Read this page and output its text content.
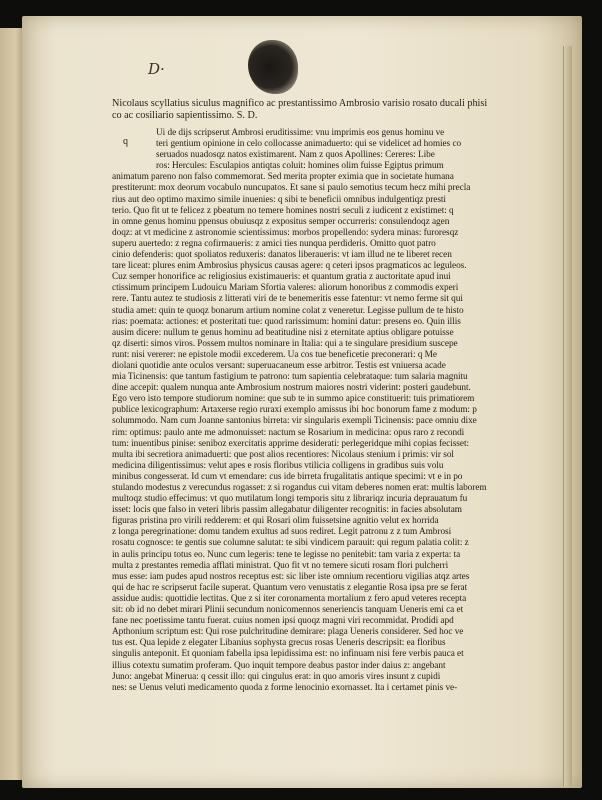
D·
Nicolaus scyllatius siculus magnifico ac prestantissimo Ambrosio varisio rosato ducali phisi
co ac cosiliario sapientissimo. S. D.
q
Ui de dijs scripserut Ambrosi eruditissime: vnu imprimis eos genus hominu ve
teri gentium opinione in celo collocasse animaduerto: qui se videlicet ad homies co
seruados nuadosqz natos existimarent. Nam z quos Apollines: Cereres: Libe
ros: Hercules: Esculapios antiqtas coluit: homines olim fuisse Egiptus primum
animatum pareno non falso commemorat. Sed merita propter eximia que in societate humana
prestiterunt: mox deorum vocabulo nuncupatos. Et sane si paulo semotius tecum hecz mihi precla
rius aut deo optimo maximo simile inuenies: q sibi te beneficii omnibus indulgentiqz presti
terio. Quo fit ut te felicez z pbeatum no temere homines nostri seculi z iudicent z existimet: q
in omne genus hominu ppensus obuiusqz z expositus semper occurreris: consulendoqz agen
doqz: at vt medicine z astronomie scientissimus: morbos propellendo: sydera minas: furoresqz
superu auertedo: z regna cofirmaueris: z amici ties nunqua perdideris. Omitto quot patro
cinio defenderis: quot spoliatos reduxeris: danatos liberaueris: vt iam illud ne te liberet recen
tare liceat: plures enim Ambrosius physicus causas agere: q ceteri ipsos pragmaticos ac leguleos.
Cuz semper honorifice ac religiosius existimaueris: et quantum gratia z auctoritate apud inui
ctissimum principem Ludouicu Mariam Sfortia valeres: aliorum honoribus z commodis experi
rere. Tantu autez te studiosis z litterati viri de te benemeritis esse fatentur: vt nemo ferme sit qui
studia amet: quin te quoqz bonarum artium nomine colat z veneretur. Legisse pullum de te histo
rias: poemata: actiones: et posteritati tue: quod rarissimum: homini datur: presens eo. Quin illis
ausim dicere: nullum te genus hominu ad beatitudine nisi z eternitate aptius obligare potuisse
qz diserti: simos viros. Possem multos nominare in Italia: qui a te singulare presidium suscepe
runt: nisi vererer: ne epistole modii excederem. Ua cos tue beneficetie preconerari: q Me
diolani quotidie ante oculos versant: superuacaneum esse arbitror. Testis est vniuersa acade
mia Ticinensis: que tantum fastigium te patrono: tum sapientia celebrataque: tum salaria magnitu
dine accepit: qualem nunqua ante Ambrosium nostrum maiores nostri viderint: posteri gaudebunt.
Ego vero isto tempore studiorum nomine: que sub te in summo apice constituerit: tuis primatiorem
publice lexicographum: Artaxerse regio ruraxi exemplo amissus ibi hoc bonorum fame z modum: p
solummodo. Nam cum Joanne santonius birreta: vir singularis exempli Ticinensis: pace omniu dixe
rim: optimus: paulo ante me admonuisset: nactum se Rosarium in medicina: opus raro z recondi
tum: inuentibus pinise: seniboz exercitatis apprime desiderati: perlegeridque mihi copias fecisset:
multa ibi secretiora animaduerti: que post alios recentiores: Nicolaus stenium i primis: vir sol
medicina diligentissimus: velut apes e rosis floribus vtilicia colligens in gradibus suis volu
minibus congesserat. Id cum vt emendare: cus ide birreta frugalitatis antique specimi: vt e in po
stulando modestus z verecundus rogasset: z si rogandus cui vitam deberes nomen erat: multis laborem
multoqz studio effecimus: vt quo mutilatum longi temporis situ z librariqz incuria deprauatum fu
isset: locis que falso in veteri libris passim allegabatur diligenter recognitis: in facies absolutam
figuras pristina pro virili redderem: et qui Rosari olim fuissetsine agnitio velut ex horrida
z longa peregrinatione: domu tandem exultus ad suos rediret. Legit patronu z z tum Ambrosi
rosatu cognosce: te gentis sue columne salutat: te sibi vindicem parauit: qui regum palatia colit: z
in aulis principu totus eo. Nunc cum legeris: tene te legisse no penitebit: tam varia z experta: ta
multa z prestantes remedia afflati ministrat. Quo fit vt no temere sicuti rosam flori pulcherri
mus esse: iam pudes apud nostros receptus est: sic liber iste omnium recentioru vigilias atqz artes
qui de hac re scripserut facile superat. Quantum vero venustatis z elegantie Rosa ipsa pre se ferat
assidue audis: quottidie lectitas. Que z si iter coronamenta mortalium z fero apud veteres recepta
sit: ob id no debet mirari Plinii secundum nonicomennos seneriencis tanquam Ueneris emi ca et
fane nec poetissime tantu fuerat. cuius nomen ipsi quoqz magni viri recommidat. Prodidi apd
Apthonium scriptum est: Qui rose pulchritudine demirare: plaga Ueneris considerer. Sed hoc ve
tus est. Qua lepide z elegater Libanius sophysta grecus rosas Ueneris descripsit: ea floribus
singulis anteponit. Et quoniam fabella ipsa lepidissima est: no infinuam nisi fere verbis pauca et
illius cotextu sumatim proferam. Quo inquit tempore deabus pastor inder daius z: angebant
Juno: angebat Minerua: q cessit illo: qui cingulus erat: in quo amoris vires insunt z cupidi
nes: se Uenus veluti medicamento quoda z forme lenocinio exornasset. Ita i certamet pinis ve-
